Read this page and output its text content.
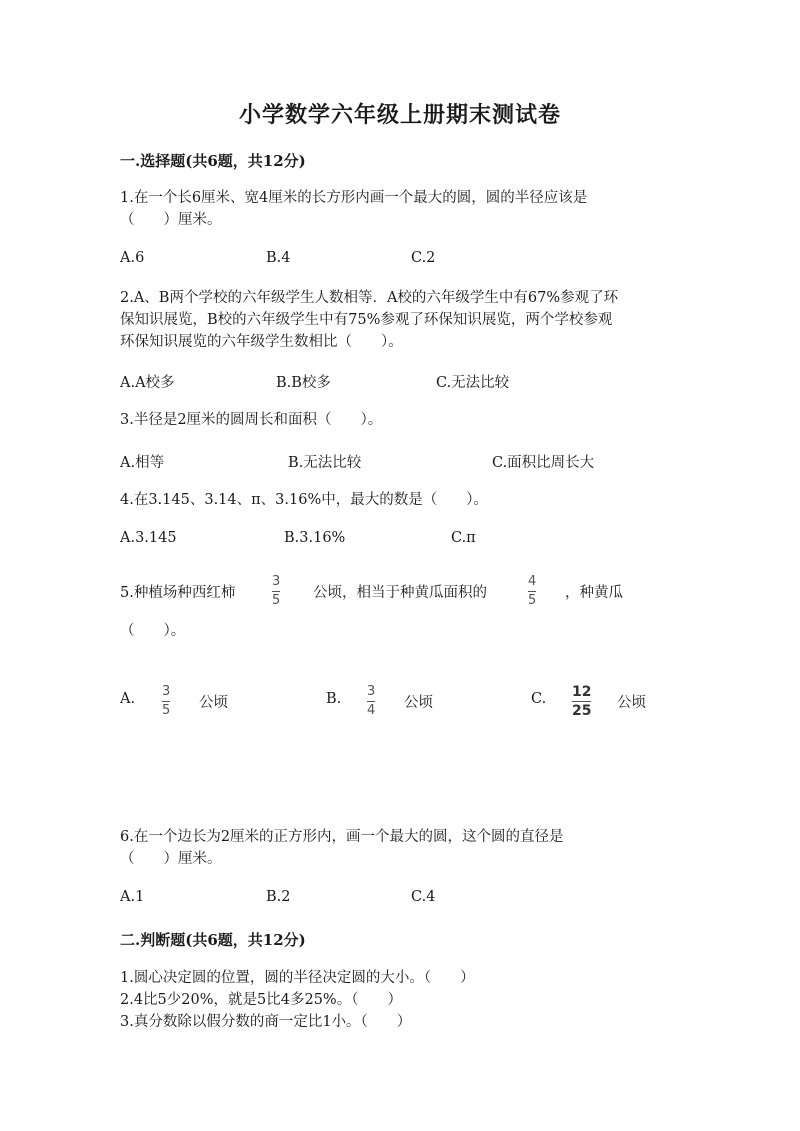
小学数学六年级上册期末测试卷
一.选择题(共6题，共12分)
1.在一个长6厘米、宽4厘米的长方形内画一个最大的圆，圆的半径应该是
（　　）厘米。
A.6	B.4	C.2
2.A、B两个学校的六年级学生人数相等．A校的六年级学生中有67%参观了环
保知识展览，B校的六年级学生中有75%参观了环保知识展览，两个学校参观
环保知识展览的六年级学生数相比（　　）。
A.A校多	B.B校多	C.无法比较
3.半径是2厘米的圆周长和面积（　　）。
A.相等	B.无法比较	C.面积比周长大
4.在3.145、3.14、π、3.16%中，最大的数是（　　）。
A.3.145	B.3.16%	C.π
5.种植场种西红柿
3
5 公顷，相当于种黄瓜面积的
4
5 ，种黄瓜
（　　）。
A. 3
5 公顷	B. 3
4 公顷	C. 12
25 公顷
6.在一个边长为2厘米的正方形内，画一个最大的圆，这个圆的直径是
（　　）厘米。
A.1	B.2	C.4
二.判断题(共6题，共12分)
1.圆心决定圆的位置，圆的半径决定圆的大小。（　　）
2.4比5少20%，就是5比4多25%。（　　）
3.真分数除以假分数的商一定比1小。（　　）
